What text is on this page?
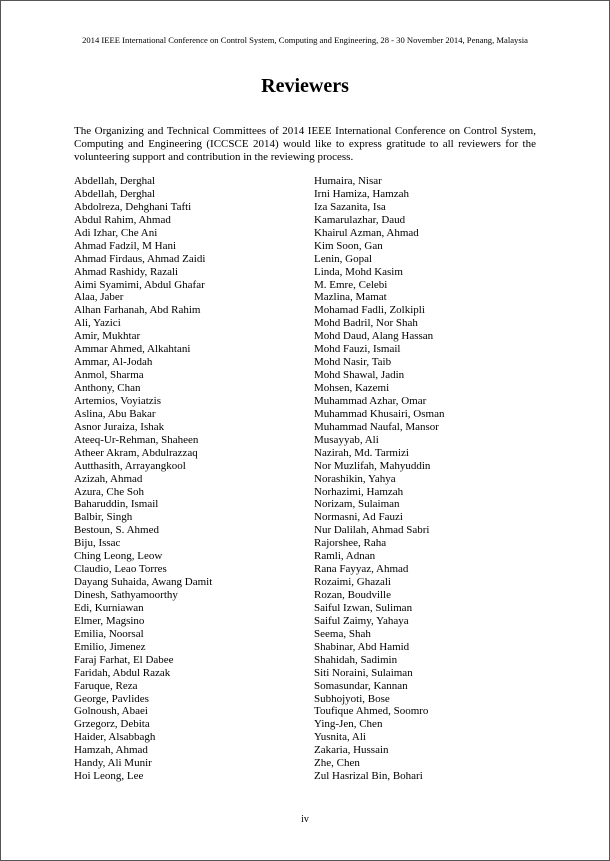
2014 IEEE International Conference on Control System, Computing and Engineering, 28 - 30 November 2014, Penang, Malaysia
Reviewers

The Organizing and Technical Committees of 2014 IEEE International Conference on Control System, Computing and Engineering (ICCSCE 2014) would like to express gratitude to all reviewers for the volunteering support and contribution in the reviewing process.

Abdellah, Derghal
Abdellah, Derghal
Abdolreza, Dehghani Tafti
Abdul Rahim, Ahmad
Adi Izhar, Che Ani
Ahmad Fadzil, M Hani
Ahmad Firdaus, Ahmad Zaidi
Ahmad Rashidy, Razali
Aimi Syamimi, Abdul Ghafar
Alaa, Jaber
Alhan Farhanah, Abd Rahim
Ali, Yazici
Amir, Mukhtar
Ammar Ahmed, Alkahtani
Ammar, Al-Jodah
Anmol, Sharma
Anthony, Chan
Artemios, Voyiatzis
Aslina, Abu Bakar
Asnor Juraiza, Ishak
Ateeq-Ur-Rehman, Shaheen
Atheer Akram, Abdulrazzaq
Autthasith, Arrayangkool
Azizah, Ahmad
Azura, Che Soh
Baharuddin, Ismail
Balbir, Singh
Bestoun, S. Ahmed
Biju, Issac
Ching Leong, Leow
Claudio, Leao Torres
Dayang Suhaida, Awang Damit
Dinesh, Sathyamoorthy
Edi, Kurniawan
Elmer, Magsino
Emilia, Noorsal
Emilio, Jimenez
Faraj Farhat, El Dabee
Faridah, Abdul Razak
Faruque, Reza
George, Pavlides
Golnoush, Abaei
Grzegorz, Debita
Haider, Alsabbagh
Hamzah, Ahmad
Handy, Ali Munir
Hoi Leong, Lee
Humaira, Nisar
Irni Hamiza, Hamzah
Iza Sazanita, Isa
Kamarulazhar, Daud
Khairul Azman, Ahmad
Kim Soon, Gan
Lenin, Gopal
Linda, Mohd Kasim
M. Emre, Celebi
Mazlina, Mamat
Mohamad Fadli, Zolkipli
Mohd Badril, Nor Shah
Mohd Daud, Alang Hassan
Mohd Fauzi, Ismail
Mohd Nasir, Taib
Mohd Shawal, Jadin
Mohsen, Kazemi
Muhammad Azhar, Omar
Muhammad Khusairi, Osman
Muhammad Naufal, Mansor
Musayyab, Ali
Nazirah, Md. Tarmizi
Nor Muzlifah, Mahyuddin
Norashikin, Yahya
Norhazimi, Hamzah
Norizam, Sulaiman
Normasni, Ad Fauzi
Nur Dalilah, Ahmad Sabri
Rajorshee, Raha
Ramli, Adnan
Rana Fayyaz, Ahmad
Rozaimi, Ghazali
Rozan, Boudville
Saiful Izwan, Suliman
Saiful Zaimy, Yahaya
Seema, Shah
Shabinar, Abd Hamid
Shahidah, Sadimin
Siti Noraini, Sulaiman
Somasundar, Kannan
Subhojyoti, Bose
Toufique Ahmed, Soomro
Ying-Jen, Chen
Yusnita, Ali
Zakaria, Hussain
Zhe, Chen
Zul Hasrizal Bin, Bohari
iv
